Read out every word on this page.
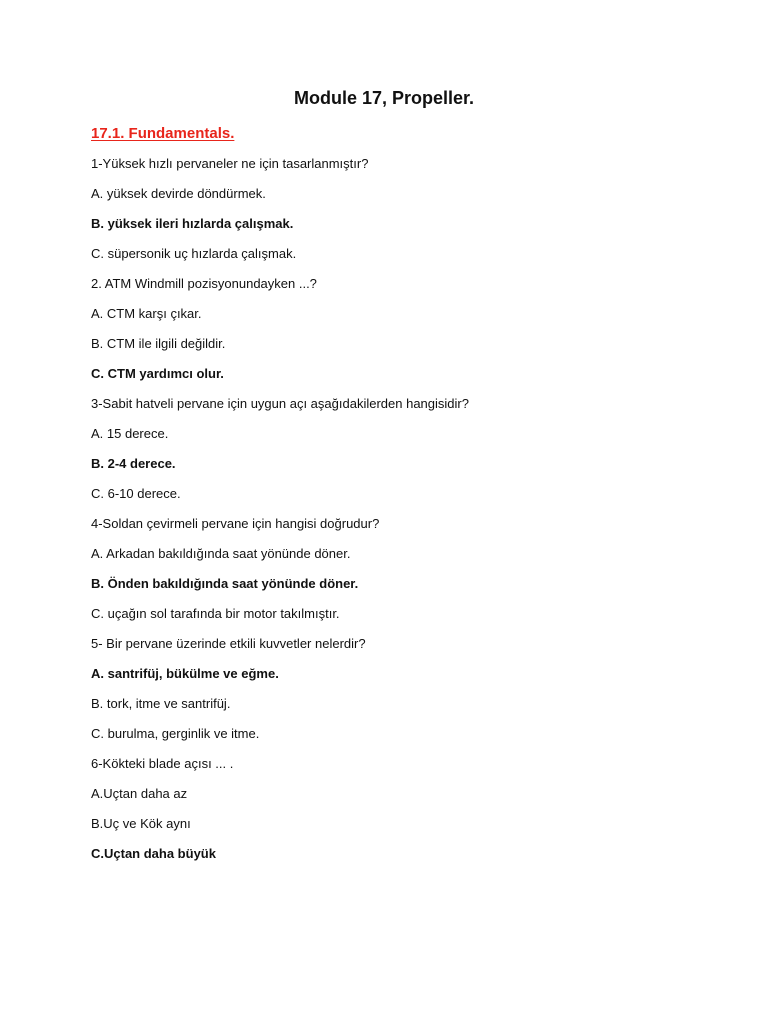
Module 17, Propeller.
17.1. Fundamentals.
1-Yüksek hızlı pervaneler ne için tasarlanmıştır?
A. yüksek devirde döndürmek.
B. yüksek ileri hızlarda çalışmak.
C. süpersonik uç hızlarda çalışmak.
2. ATM Windmill pozisyonundayken ...?
A. CTM karşı çıkar.
B. CTM ile ilgili değildir.
C. CTM yardımcı olur.
3-Sabit hatveli pervane için uygun açı aşağıdakilerden hangisidir?
A. 15 derece.
B. 2-4 derece.
C. 6-10 derece.
4-Soldan çevirmeli pervane için hangisi doğrudur?
A. Arkadan bakıldığında saat yönünde döner.
B. Önden bakıldığında saat yönünde döner.
C. uçağın sol tarafında bir motor takılmıştır.
5- Bir pervane üzerinde etkili kuvvetler nelerdir?
A. santrifüj, bükülme ve eğme.
B. tork, itme ve santrifüj.
C. burulma, gerginlik ve itme.
6-Kökteki blade açısı ... .
A.Uçtan daha az
B.Uç ve Kök aynı
C.Uçtan daha büyük
